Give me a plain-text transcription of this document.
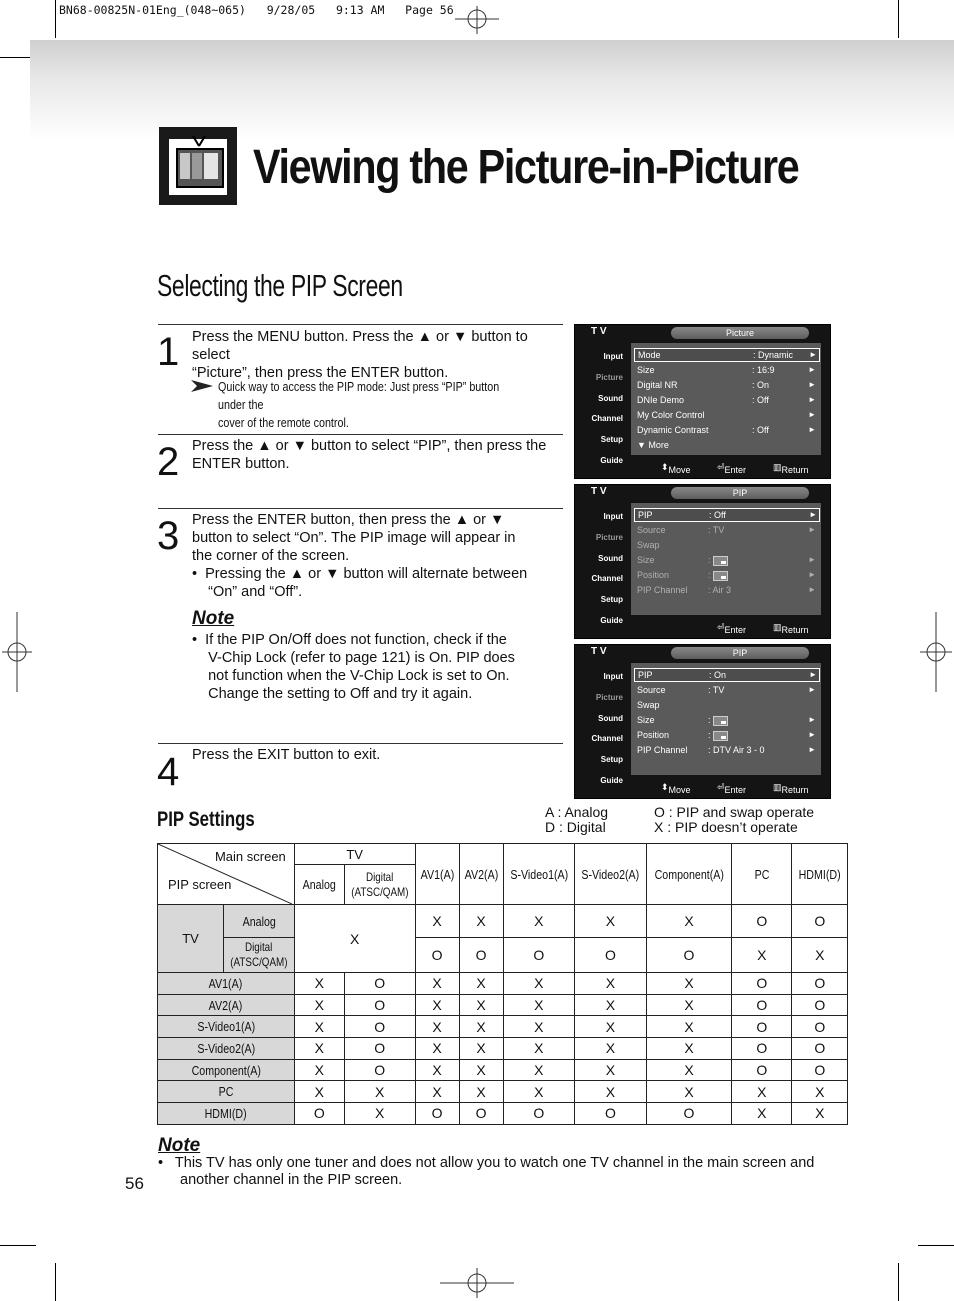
BN68-00825N-01Eng_(048~065)   9/28/05   9:13 AM   Page 56
Viewing the Picture-in-Picture
Selecting the PIP Screen
1 Press the MENU button. Press the ▲ or ▼ button to select
“Picture”, then press the ENTER button.
Quick way to access the PIP mode: Just press “PIP” button under the
cover of the remote control.
2 Press the ▲ or ▼ button to select “PIP”, then press the
ENTER button.
3 Press the ENTER button, then press the ▲ or ▼
button to select “On”. The PIP image will appear in
the corner of the screen.
•  Pressing the ▲ or ▼ button will alternate between
“On” and “Off”.
Note
•  If the PIP On/Off does not function, check if the
V-Chip Lock (refer to page 121) is On. PIP does
not function when the V-Chip Lock is set to On.
Change the setting to Off and try it again.
4 Press the EXIT button to exit.
T V	Picture
Input
Picture
Sound
Channel
Setup
Guide
Mode	: Dynamic ►
Size	: 16:9	►
Digital NR	: On	►
DNIe Demo	: Off	►
My Color Control	►
Dynamic Contrast	: Off	►
▼ More
⬍ Move	⏎ Enter	▥ Return
T V	PIP
Input
Picture
Sound
Channel
Setup
Guide
PIP	: Off	►
Source	: TV	►
Swap
Size	:	►
Position	:	►
PIP Channel : Air 3	►
⏎ Enter	▥ Return
T V	PIP
Input
Picture
Sound
Channel
Setup
Guide
PIP	: On	►
Source	: TV	►
Swap
Size	:	►
Position	:	►
PIP Channel : DTV Air 3 - 0	►
⬍ Move	⏎ Enter	▥ Return
PIP Settings	A : Analog
D : Digital
O : PIP and swap operate
X : PIP doesn’t operate
Main screen
PIP screen		TV		AV1(A)	AV2(A)	S-Video1(A)	S-Video2(A)	Component(A)	PC	HDMI(D)
		Analog	Digital
(ATSC/QAM)							
TV	Analog	X		X	X	X	X	X	O	O
	Digital
(ATSC/QAM)			O	O	O	O	O	X	X
AV1(A)		X	O	X	X	X	X	X	O	O
AV2(A)		X	O	X	X	X	X	X	O	O
S-Video1(A)		X	O	X	X	X	X	X	O	O
S-Video2(A)		X	O	X	X	X	X	X	O	O
Component(A)		X	O	X	X	X	X	X	O	O
PC		X	X	X	X	X	X	X	X	X
HDMI(D)		O	X	O	O	O	O	O	X	X
Note
•   This TV has only one tuner and does not allow you to watch one TV channel in the main screen and
another channel in the PIP screen.
56
